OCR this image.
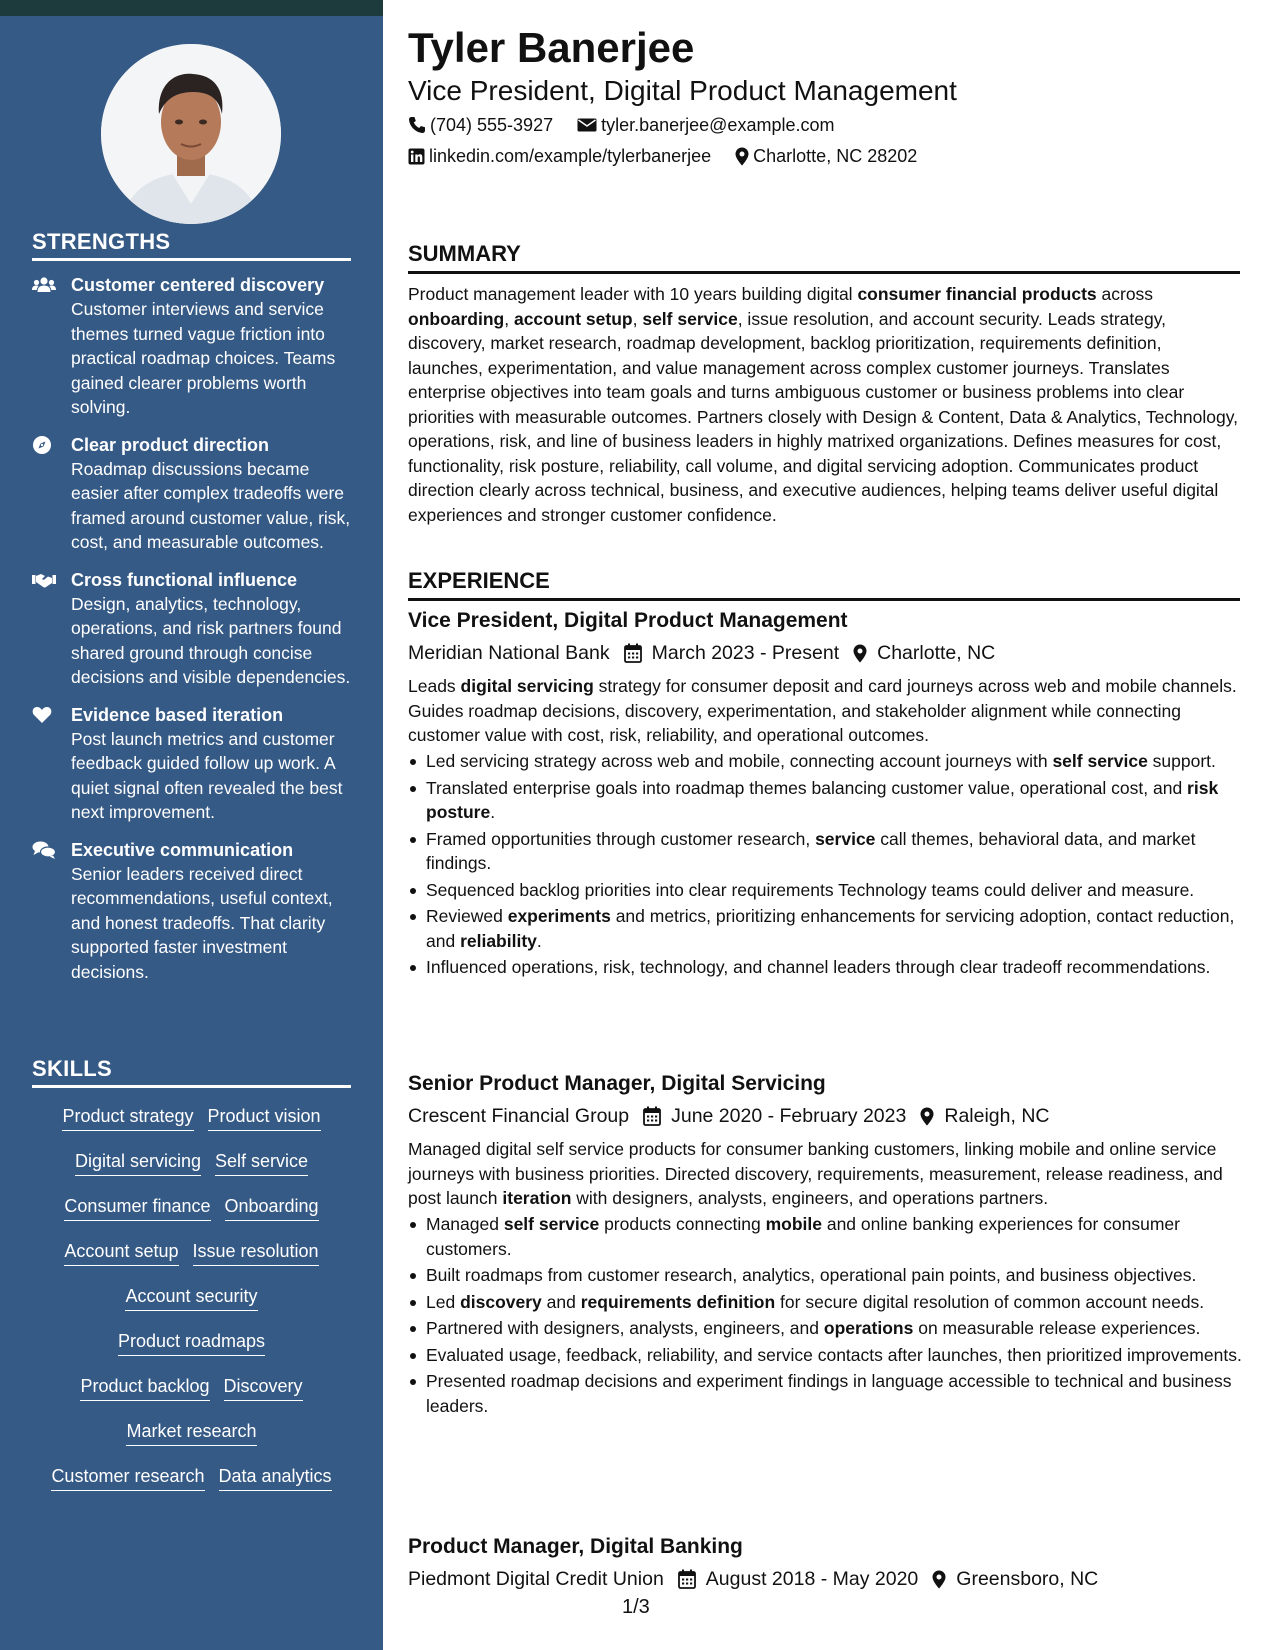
STRENGTHS
Customer centered discovery
Customer interviews and service themes turned vague friction into practical roadmap choices. Teams gained clearer problems worth solving.
Clear product direction
Roadmap discussions became easier after complex tradeoffs were framed around customer value, risk, cost, and measurable outcomes.
Cross functional influence
Design, analytics, technology, operations, and risk partners found shared ground through concise decisions and visible dependencies.
Evidence based iteration
Post launch metrics and customer feedback guided follow up work. A quiet signal often revealed the best next improvement.
Executive communication
Senior leaders received direct recommendations, useful context, and honest tradeoffs. That clarity supported faster investment decisions.
SKILLS
Product strategy Product vision
Digital servicing Self service
Consumer finance Onboarding
Account setup Issue resolution
Account security
Product roadmaps
Product backlog Discovery
Market research
Customer research Data analytics
Tyler Banerjee
Vice President, Digital Product Management
(704) 555-3927	tyler.banerjee@example.com
linkedin.com/example/tylerbanerjee Charlotte, NC 28202
SUMMARY
Product management leader with 10 years building digital consumer financial products across onboarding, account setup, self service, issue resolution, and account security. Leads strategy, discovery, market research, roadmap development, backlog prioritization, requirements definition, launches, experimentation, and value management across complex customer journeys. Translates enterprise objectives into team goals and turns ambiguous customer or business problems into clear priorities with measurable outcomes. Partners closely with Design & Content, Data & Analytics, Technology, operations, risk, and line of business leaders in highly matrixed organizations. Defines measures for cost, functionality, risk posture, reliability, call volume, and digital servicing adoption. Communicates product direction clearly across technical, business, and executive audiences, helping teams deliver useful digital experiences and stronger customer confidence.
EXPERIENCE
Vice President, Digital Product Management
Meridian National Bank March 2023 - Present Charlotte, NC
Leads digital servicing strategy for consumer deposit and card journeys across web and mobile channels. Guides roadmap decisions, discovery, experimentation, and stakeholder alignment while connecting customer value with cost, risk, reliability, and operational outcomes.
Led servicing strategy across web and mobile, connecting account journeys with self service support.
Translated enterprise goals into roadmap themes balancing customer value, operational cost, and risk posture.
Framed opportunities through customer research, service call themes, behavioral data, and market findings.
Sequenced backlog priorities into clear requirements Technology teams could deliver and measure.
Reviewed experiments and metrics, prioritizing enhancements for servicing adoption, contact reduction, and reliability.
Influenced operations, risk, technology, and channel leaders through clear tradeoff recommendations.
Senior Product Manager, Digital Servicing
Crescent Financial Group June 2020 - February 2023 Raleigh, NC
Managed digital self service products for consumer banking customers, linking mobile and online service journeys with business priorities. Directed discovery, requirements, measurement, release readiness, and post launch iteration with designers, analysts, engineers, and operations partners.
Managed self service products connecting mobile and online banking experiences for consumer customers.
Built roadmaps from customer research, analytics, operational pain points, and business objectives.
Led discovery and requirements definition for secure digital resolution of common account needs.
Partnered with designers, analysts, engineers, and operations on measurable release experiences.
Evaluated usage, feedback, reliability, and service contacts after launches, then prioritized improvements.
Presented roadmap decisions and experiment findings in language accessible to technical and business leaders.
Product Manager, Digital Banking
Piedmont Digital Credit Union August 2018 - May 2020 Greensboro, NC
1/3
